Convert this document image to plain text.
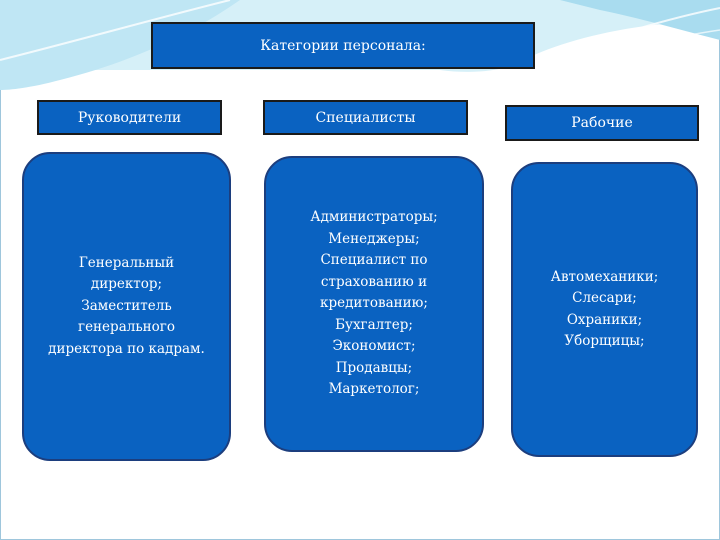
Категории персонала:
Руководители	Специалисты	Рабочие
Генеральный
директор;
Заместитель
генерального
директора по кадрам.
Администраторы;
Менеджеры;
Специалист по
страхованию и
кредитованию;
Бухгалтер;
Экономист;
Продавцы;
Маркетолог;
Автомеханики;
Слесари;
Охраники;
Уборщицы;
